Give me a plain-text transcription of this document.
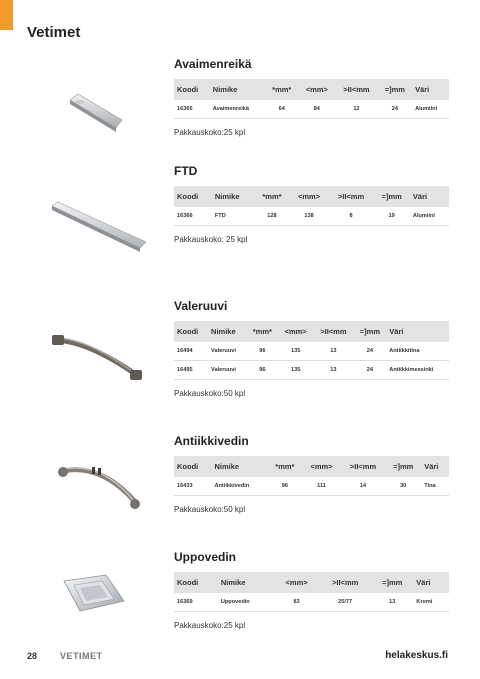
Vetimet
Avaimenreikä
Koodi	Nimike	*mm*	<mm>	>II<mm	=]mm	Väri
16365	Avaimenreikä	64	84	12	24	Alumiini
Pakkauskoko:25 kpl
FTD
Koodi	Nimike	*mm*	<mm>	>II<mm	=]mm	Väri
16366	FTD	128	138	8	19	Alumiini
Pakkauskoko: 25 kpl
Valeruuvi
Koodi	Nimike	*mm*	<mm>	>II<mm	=]mm	Väri
16494	Valeruuvi	96	135	13	24	Antiikkitina
16495	Valeruuvi	96	135	13	24	Antiikkimessinki
Pakkauskoko:50 kpl
Antiikkivedin
Koodi	Nimike	*mm*	<mm>	>II<mm	=]mm	Väri
16433	Antiikkivedin	96	111	14	30	Tina
Pakkauskoko:50 kpl
Uppovedin
Koodi	Nimike	<mm>	>II<mm	=]mm	Väri
16369	Uppovedin	83	25/77	13	Kromi
Pakkauskoko:25 kpl
28	VETIMET	helakeskus.fi
